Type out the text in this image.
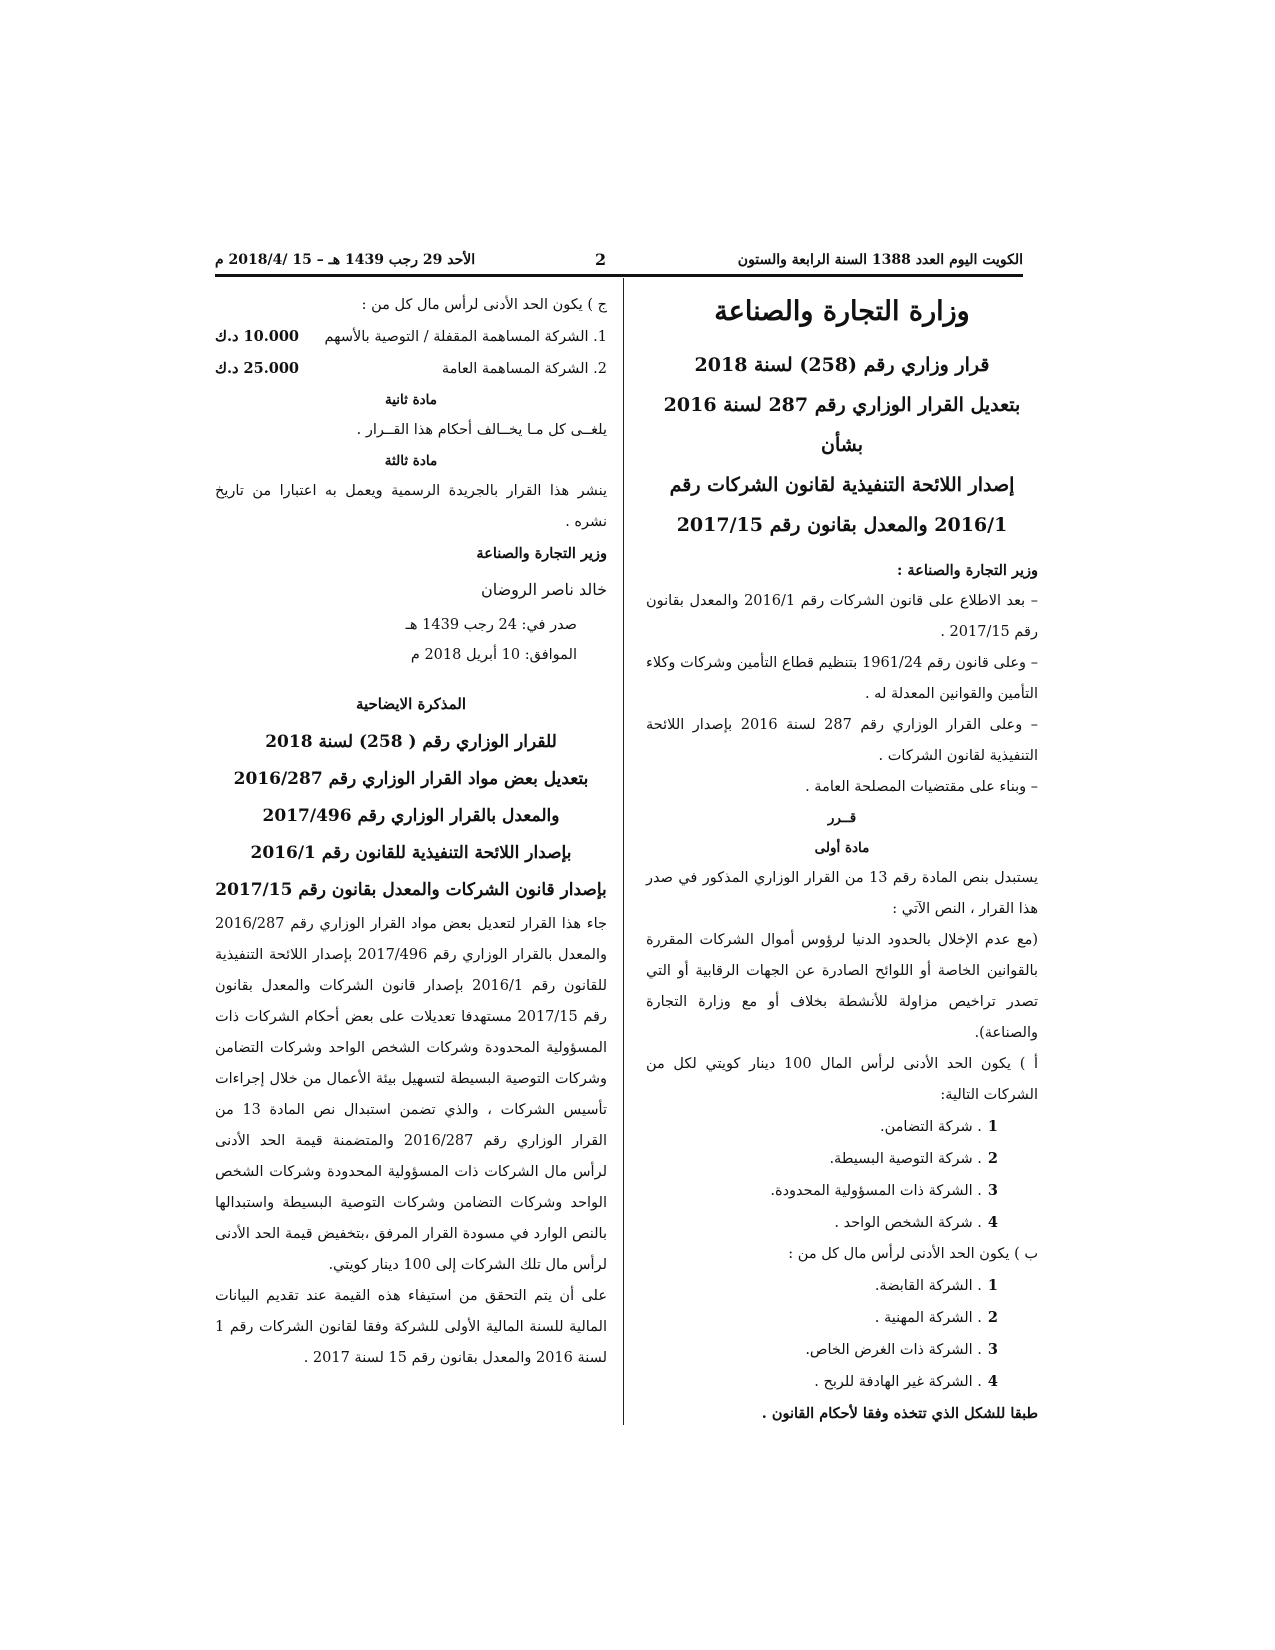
الكويت اليوم العدد 1388 السنة الرابعة والستون
2
الأحد 29 رجب 1439 هـ – 15 /2018/4 م

وزارة التجارة والصناعة

قرار وزاري رقم (258) لسنة 2018

بتعديل القرار الوزاري رقم 287 لسنة 2016 بشأن

إصدار اللائحة التنفيذية لقانون الشركات رقم

2016/1 والمعدل بقانون رقم 2017/15

وزير التجارة والصناعة :

– بعد الاطلاع على قانون الشركات رقم 2016/1 والمعدل بقانون رقم 2017/15 .

– وعلى قانون رقم 1961/24 بتنظيم قطاع التأمين وشركات وكلاء التأمين والقوانين المعدلة له .

– وعلى القرار الوزاري رقم 287 لسنة 2016 بإصدار اللائحة التنفيذية لقانون الشركات .

– وبناء على مقتضيات المصلحة العامة .

قــرر

مادة أولى

يستبدل بنص المادة رقم 13 من القرار الوزاري المذكور في صدر هذا القرار ، النص الآتي :

(مع عدم الإخلال بالحدود الدنيا لرؤوس أموال الشركات المقررة بالقوانين الخاصة أو اللوائح الصادرة عن الجهات الرقابية أو التي تصدر تراخيص مزاولة للأنشطة بخلاف أو مع وزارة التجارة والصناعة).

أ ) يكون الحد الأدنى لرأس المال 100 دينار كويتي لكل من الشركات التالية:

1. شركة التضامن.

2. شركة التوصية البسيطة.

3. الشركة ذات المسؤولية المحدودة.

4. شركة الشخص الواحد .

ب ) يكون الحد الأدنى لرأس مال كل من :

1. الشركة القابضة.

2. الشركة المهنية .

3. الشركة ذات الغرض الخاص.

4. الشركة غير الهادفة للربح .

طبقا للشكل الذي تتخذه وفقا لأحكام القانون .

ج ) يكون الحد الأدنى لرأس مال كل من :

1. الشركة المساهمة المقفلة / التوصية بالأسهم
10.000 د.ك
2. الشركة المساهمة العامة
25.000 د.ك

مادة ثانية

يلغــى كل مـا يخــالف أحكام هذا القــرار .

مادة ثالثة

ينشر هذا القرار بالجريدة الرسمية ويعمل به اعتبارا من تاريخ نشره .

وزير التجارة والصناعة

خالد ناصر الروضان

صدر في: 24 رجب 1439 هـ

الموافق: 10 أبريل 2018 م

المذكرة الايضاحية

للقرار الوزاري رقم ( 258) لسنة 2018

بتعديل بعض مواد القرار الوزاري رقم 2016/287

والمعدل بالقرار الوزاري رقم 2017/496

بإصدار اللائحة التنفيذية للقانون رقم 2016/1

بإصدار قانون الشركات والمعدل بقانون رقم 2017/15

جاء هذا القرار لتعديل بعض مواد القرار الوزاري رقم 2016/287 والمعدل بالقرار الوزاري رقم 2017/496 بإصدار اللائحة التنفيذية للقانون رقم 2016/1 بإصدار قانون الشركات والمعدل بقانون رقم 2017/15 مستهدفا تعديلات على بعض أحكام الشركات ذات المسؤولية المحدودة وشركات الشخص الواحد وشركات التضامن وشركات التوصية البسيطة لتسهيل بيئة الأعمال من خلال إجراءات تأسيس الشركات ، والذي تضمن استبدال نص المادة 13 من القرار الوزاري رقم 2016/287 والمتضمنة قيمة الحد الأدنى لرأس مال الشركات ذات المسؤولية المحدودة وشركات الشخص الواحد وشركات التضامن وشركات التوصية البسيطة واستبدالها بالنص الوارد في مسودة القرار المرفق ،بتخفيض قيمة الحد الأدنى لرأس مال تلك الشركات إلى 100 دينار كويتي.

على أن يتم التحقق من استيفاء هذه القيمة عند تقديم البيانات المالية للسنة المالية الأولى للشركة وفقا لقانون الشركات رقم 1 لسنة 2016 والمعدل بقانون رقم 15 لسنة 2017 .
